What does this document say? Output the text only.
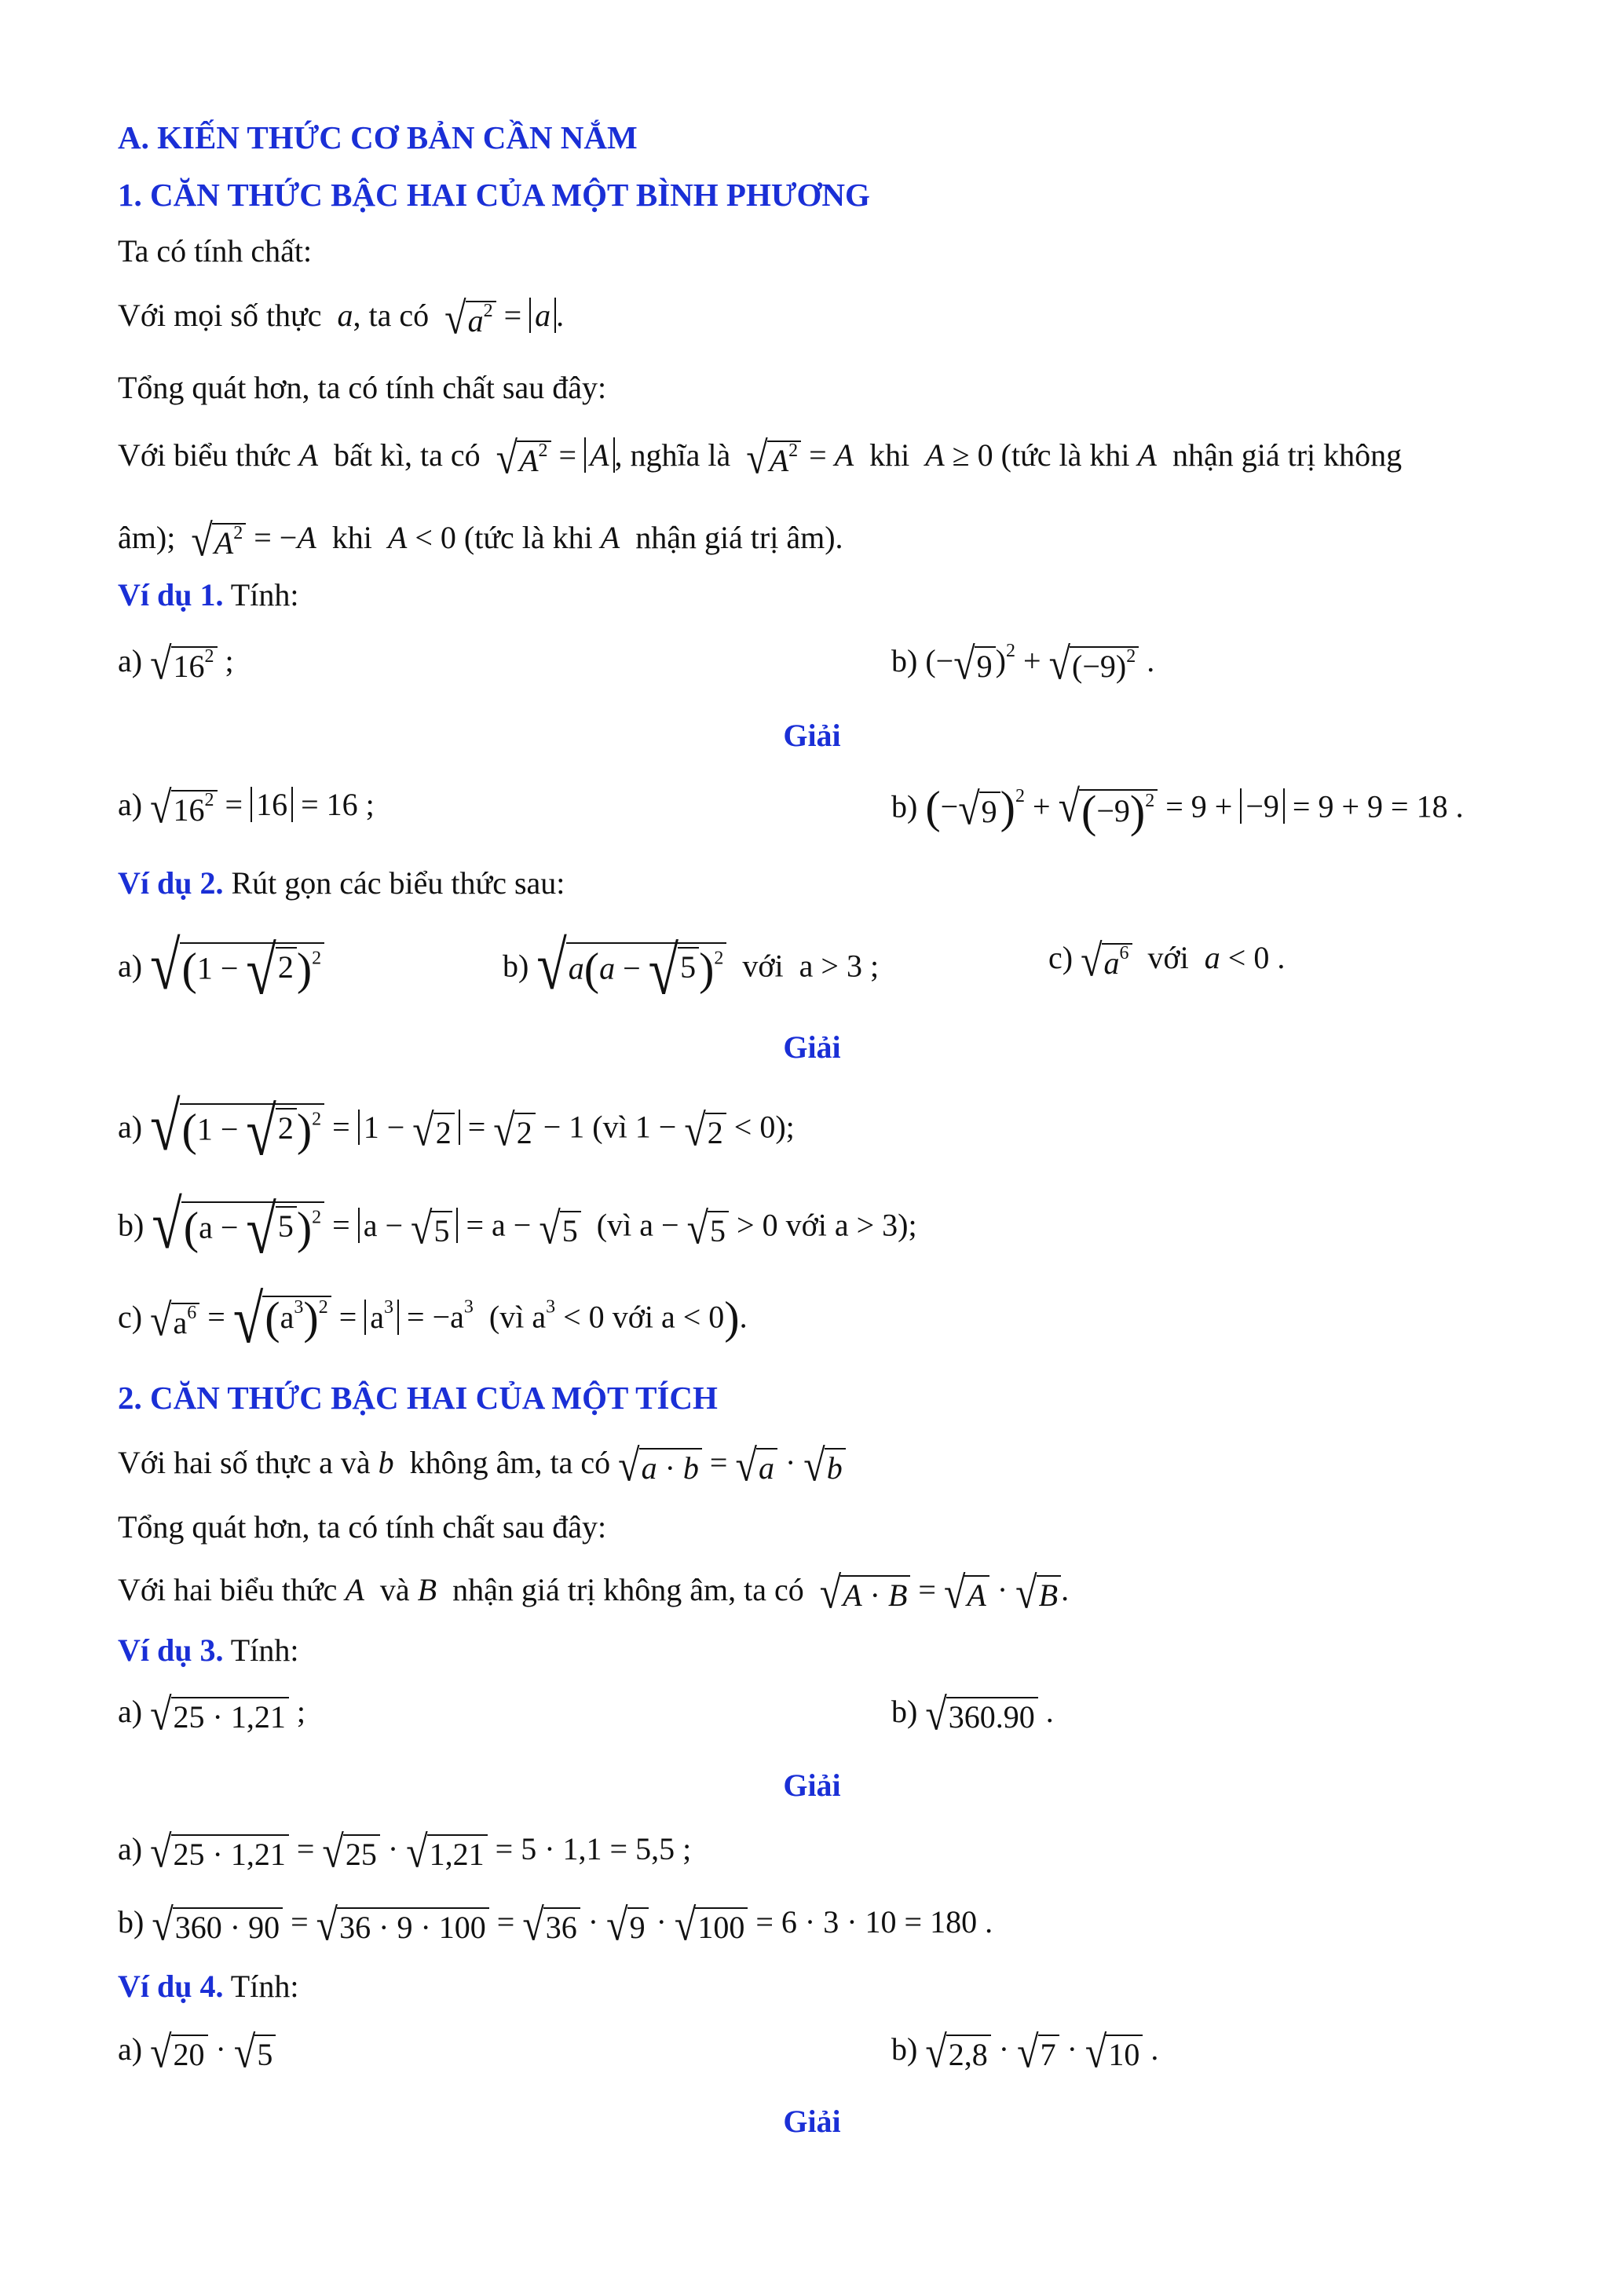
A. KIẾN THỨC CƠ BẢN CẦN NẮM
1. CĂN THỨC BẬC HAI CỦA MỘT BÌNH PHƯƠNG
Ta có tính chất:
Với mọi số thực a, ta có √ $a^2 = a$ .
Tổng quát hơn, ta có tính chất sau đây:
Với biểu thức A bất kì, ta có √ $A^2 = A$ , nghĩa là √ $A^2 = A$ khi A ≥ 0 (tức là khi A nhận giá trị không
âm); √ $A^2 = -A$ khi A < 0 (tức là khi A nhận giá trị âm).
Ví dụ 1. Tính:
a) √ $16^2$ ;	b) (− √ 9 )$^2$ + √ $(-9)^2$ .
Giải
a) √ $16^2 = 16 = 16$ ;	b) (− √ 9 )$^2$ + √ $(-9)^2 = 9 + -9 = 9 + 9 = 18$ .
Ví dụ 2. Rút gọn các biểu thức sau:
a) √ (1 − √ 2 )$^2$	b) √ a(a − √ 5 )$^2$ với  a > 3 ;	c) √ $a^6$ với a < 0 .
Giải
a) √ (1 − √ 2 )$^2$ = 1 − √ 2 = √ 2 − 1 (vì 1 − √ 2 < 0);
b) √ (a − √ 5 )$^2$ = a − √ 5 = a − √ 5 (vì a − √ 5 > 0 với a > 3);
c) √ $a^6$ = √ $(a^3)^2 = a^3 = -a^3$  (vì $a^3 < 0$ với a < 0).
2. CĂN THỨC BẬC HAI CỦA MỘT TÍCH
Với hai số thực a và b không âm, ta có √ a · b = √ a · √ b
Tổng quát hơn, ta có tính chất sau đây:
Với hai biểu thức A và B nhận giá trị không âm, ta có √ A · B = √ A · √ B .
Ví dụ 3. Tính:
a) √ 25 · 1,21 ;	b) √ 360.90 .
Giải
a) √ 25 · 1,21 = √ 25 · √ 1,21 = 5 · 1,1 = 5,5 ;
b) √ 360 · 90 = √ 36 · 9 · 100 = √ 36 · √ 9 · √ 100 = 6 · 3 · 10 = 180 .
Ví dụ 4. Tính:
a) √ 20 · √ 5	b) √ 2,8 · √ 7 · √ 10 .
Giải
